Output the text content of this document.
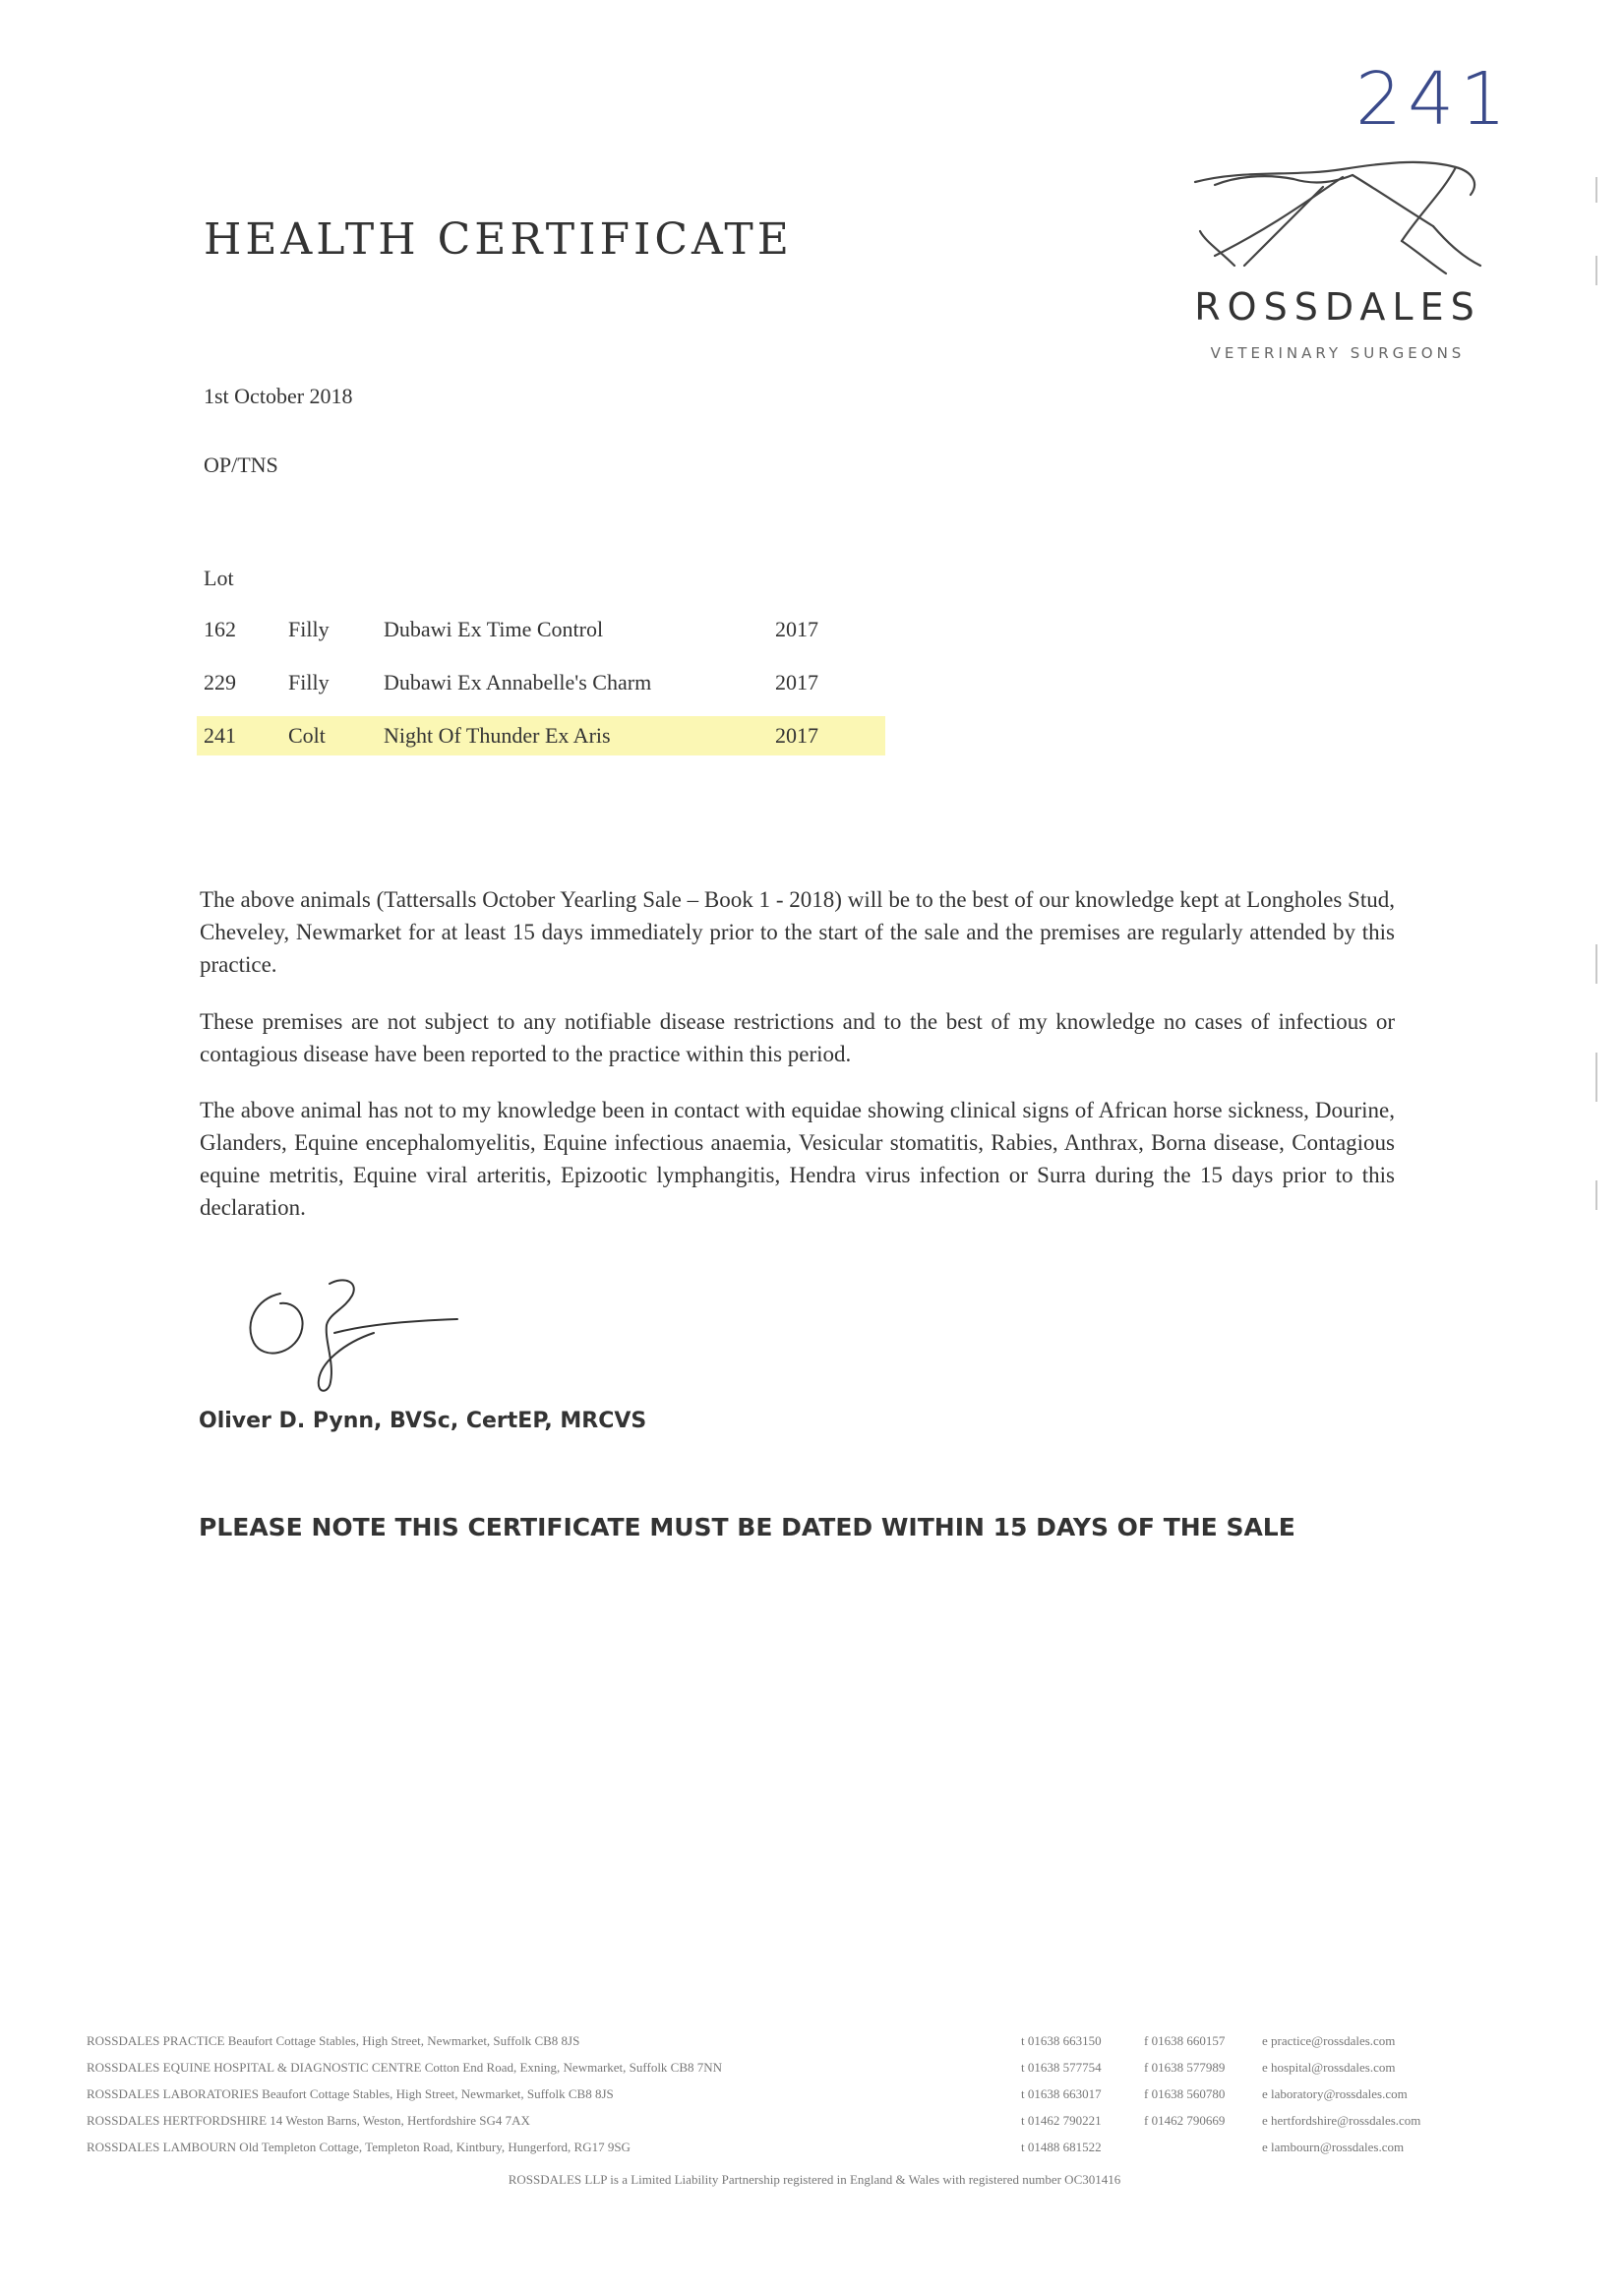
241
HEALTH CERTIFICATE
ROSSDALES
VETERINARY SURGEONS
1st October 2018
OP/TNS
Lot
162 Filly	Dubawi Ex Time Control	2017
229 Filly	Dubawi Ex Annabelle's Charm	2017
241 Colt	Night Of Thunder Ex Aris	2017
The above animals (Tattersalls October Yearling Sale – Book 1 - 2018) will be to the best of our knowledge kept at Longholes Stud, Cheveley, Newmarket for at least 15 days immediately prior to the start of the sale and the premises are regularly attended by this practice.
These premises are not subject to any notifiable disease restrictions and to the best of my knowledge no cases of infectious or contagious disease have been reported to the practice within this period.
The above animal has not to my knowledge been in contact with equidae showing clinical signs of African horse sickness, Dourine, Glanders, Equine encephalomyelitis, Equine infectious anaemia, Vesicular stomatitis, Rabies, Anthrax, Borna disease, Contagious equine metritis, Equine viral arteritis, Epizootic lymphangitis, Hendra virus infection or Surra during the 15 days prior to this declaration.
Oliver D. Pynn, BVSc, CertEP, MRCVS
PLEASE NOTE THIS CERTIFICATE MUST BE DATED WITHIN 15 DAYS OF THE SALE
ROSSDALES PRACTICE Beaufort Cottage Stables, High Street, Newmarket, Suffolk CB8 8JS	t 01638 663150	f 01638 660157	e practice@rossdales.com
ROSSDALES EQUINE HOSPITAL & DIAGNOSTIC CENTRE Cotton End Road, Exning, Newmarket, Suffolk CB8 7NN	t 01638 577754	f 01638 577989	e hospital@rossdales.com
ROSSDALES LABORATORIES Beaufort Cottage Stables, High Street, Newmarket, Suffolk CB8 8JS	t 01638 663017	f 01638 560780	e laboratory@rossdales.com
ROSSDALES HERTFORDSHIRE 14 Weston Barns, Weston, Hertfordshire SG4 7AX	t 01462 790221	f 01462 790669	e hertfordshire@rossdales.com
ROSSDALES LAMBOURN Old Templeton Cottage, Templeton Road, Kintbury, Hungerford, RG17 9SG	t 01488 681522	e lambourn@rossdales.com
ROSSDALES LLP is a Limited Liability Partnership registered in England & Wales with registered number OC301416
